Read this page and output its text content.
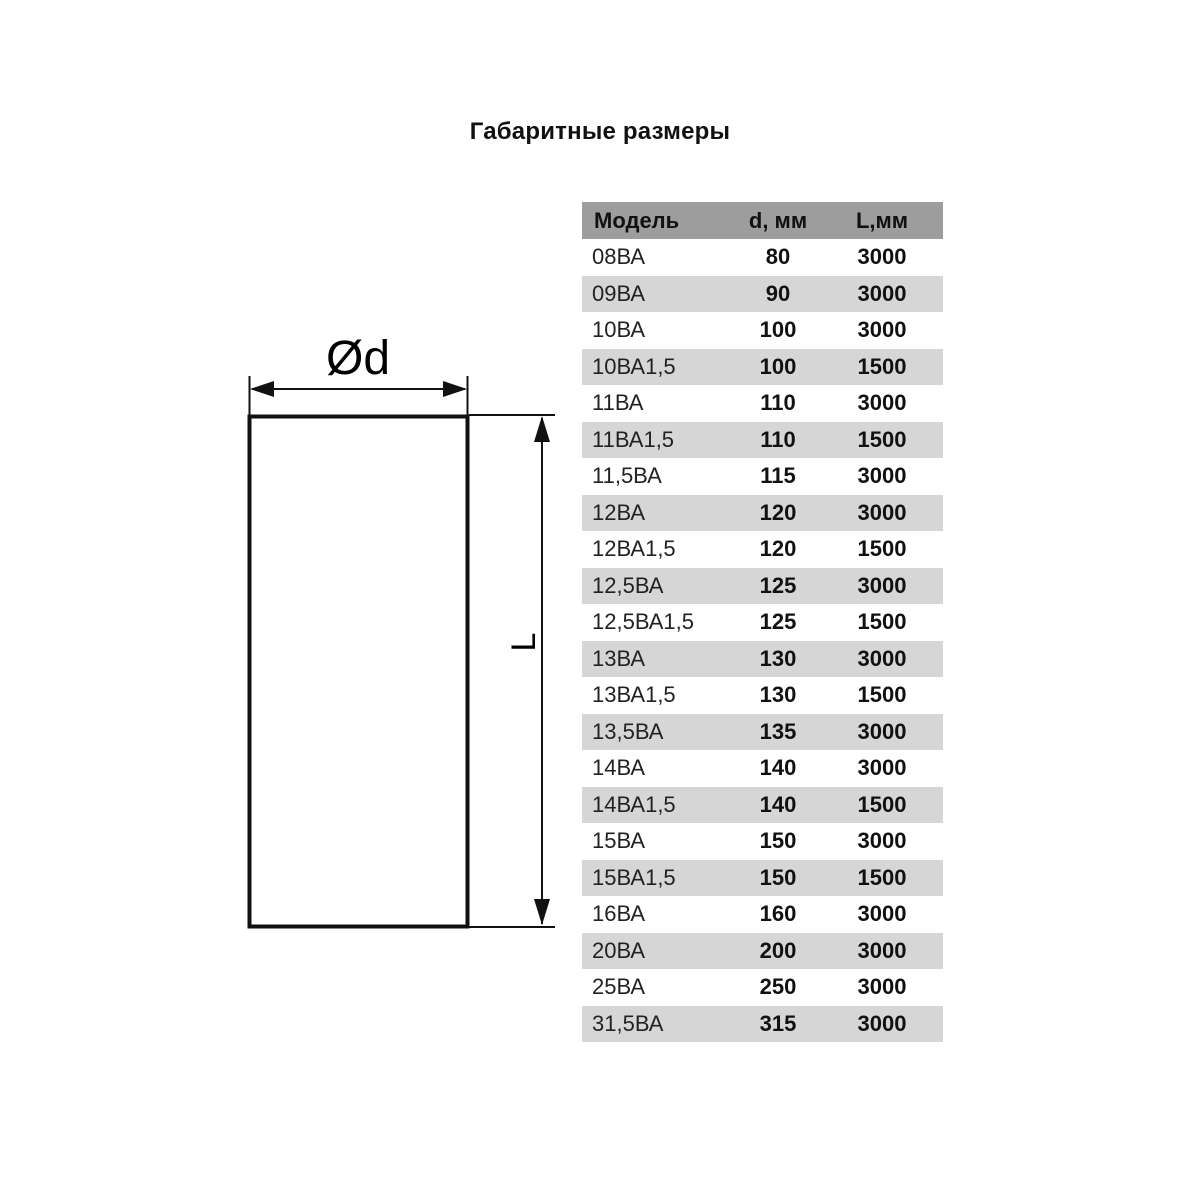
Габаритные размеры
Ød
L
Модель	d, мм	L,мм
08ВА	80	3000
09ВА	90	3000
10ВА	100	3000
10ВА1,5	100	1500
11ВА	110	3000
11ВА1,5	110	1500
11,5ВА	115	3000
12ВА	120	3000
12ВА1,5	120	1500
12,5ВА	125	3000
12,5ВА1,5	125	1500
13ВА	130	3000
13ВА1,5	130	1500
13,5ВА	135	3000
14ВА	140	3000
14ВА1,5	140	1500
15ВА	150	3000
15ВА1,5	150	1500
16ВА	160	3000
20ВА	200	3000
25ВА	250	3000
31,5ВА	315	3000
